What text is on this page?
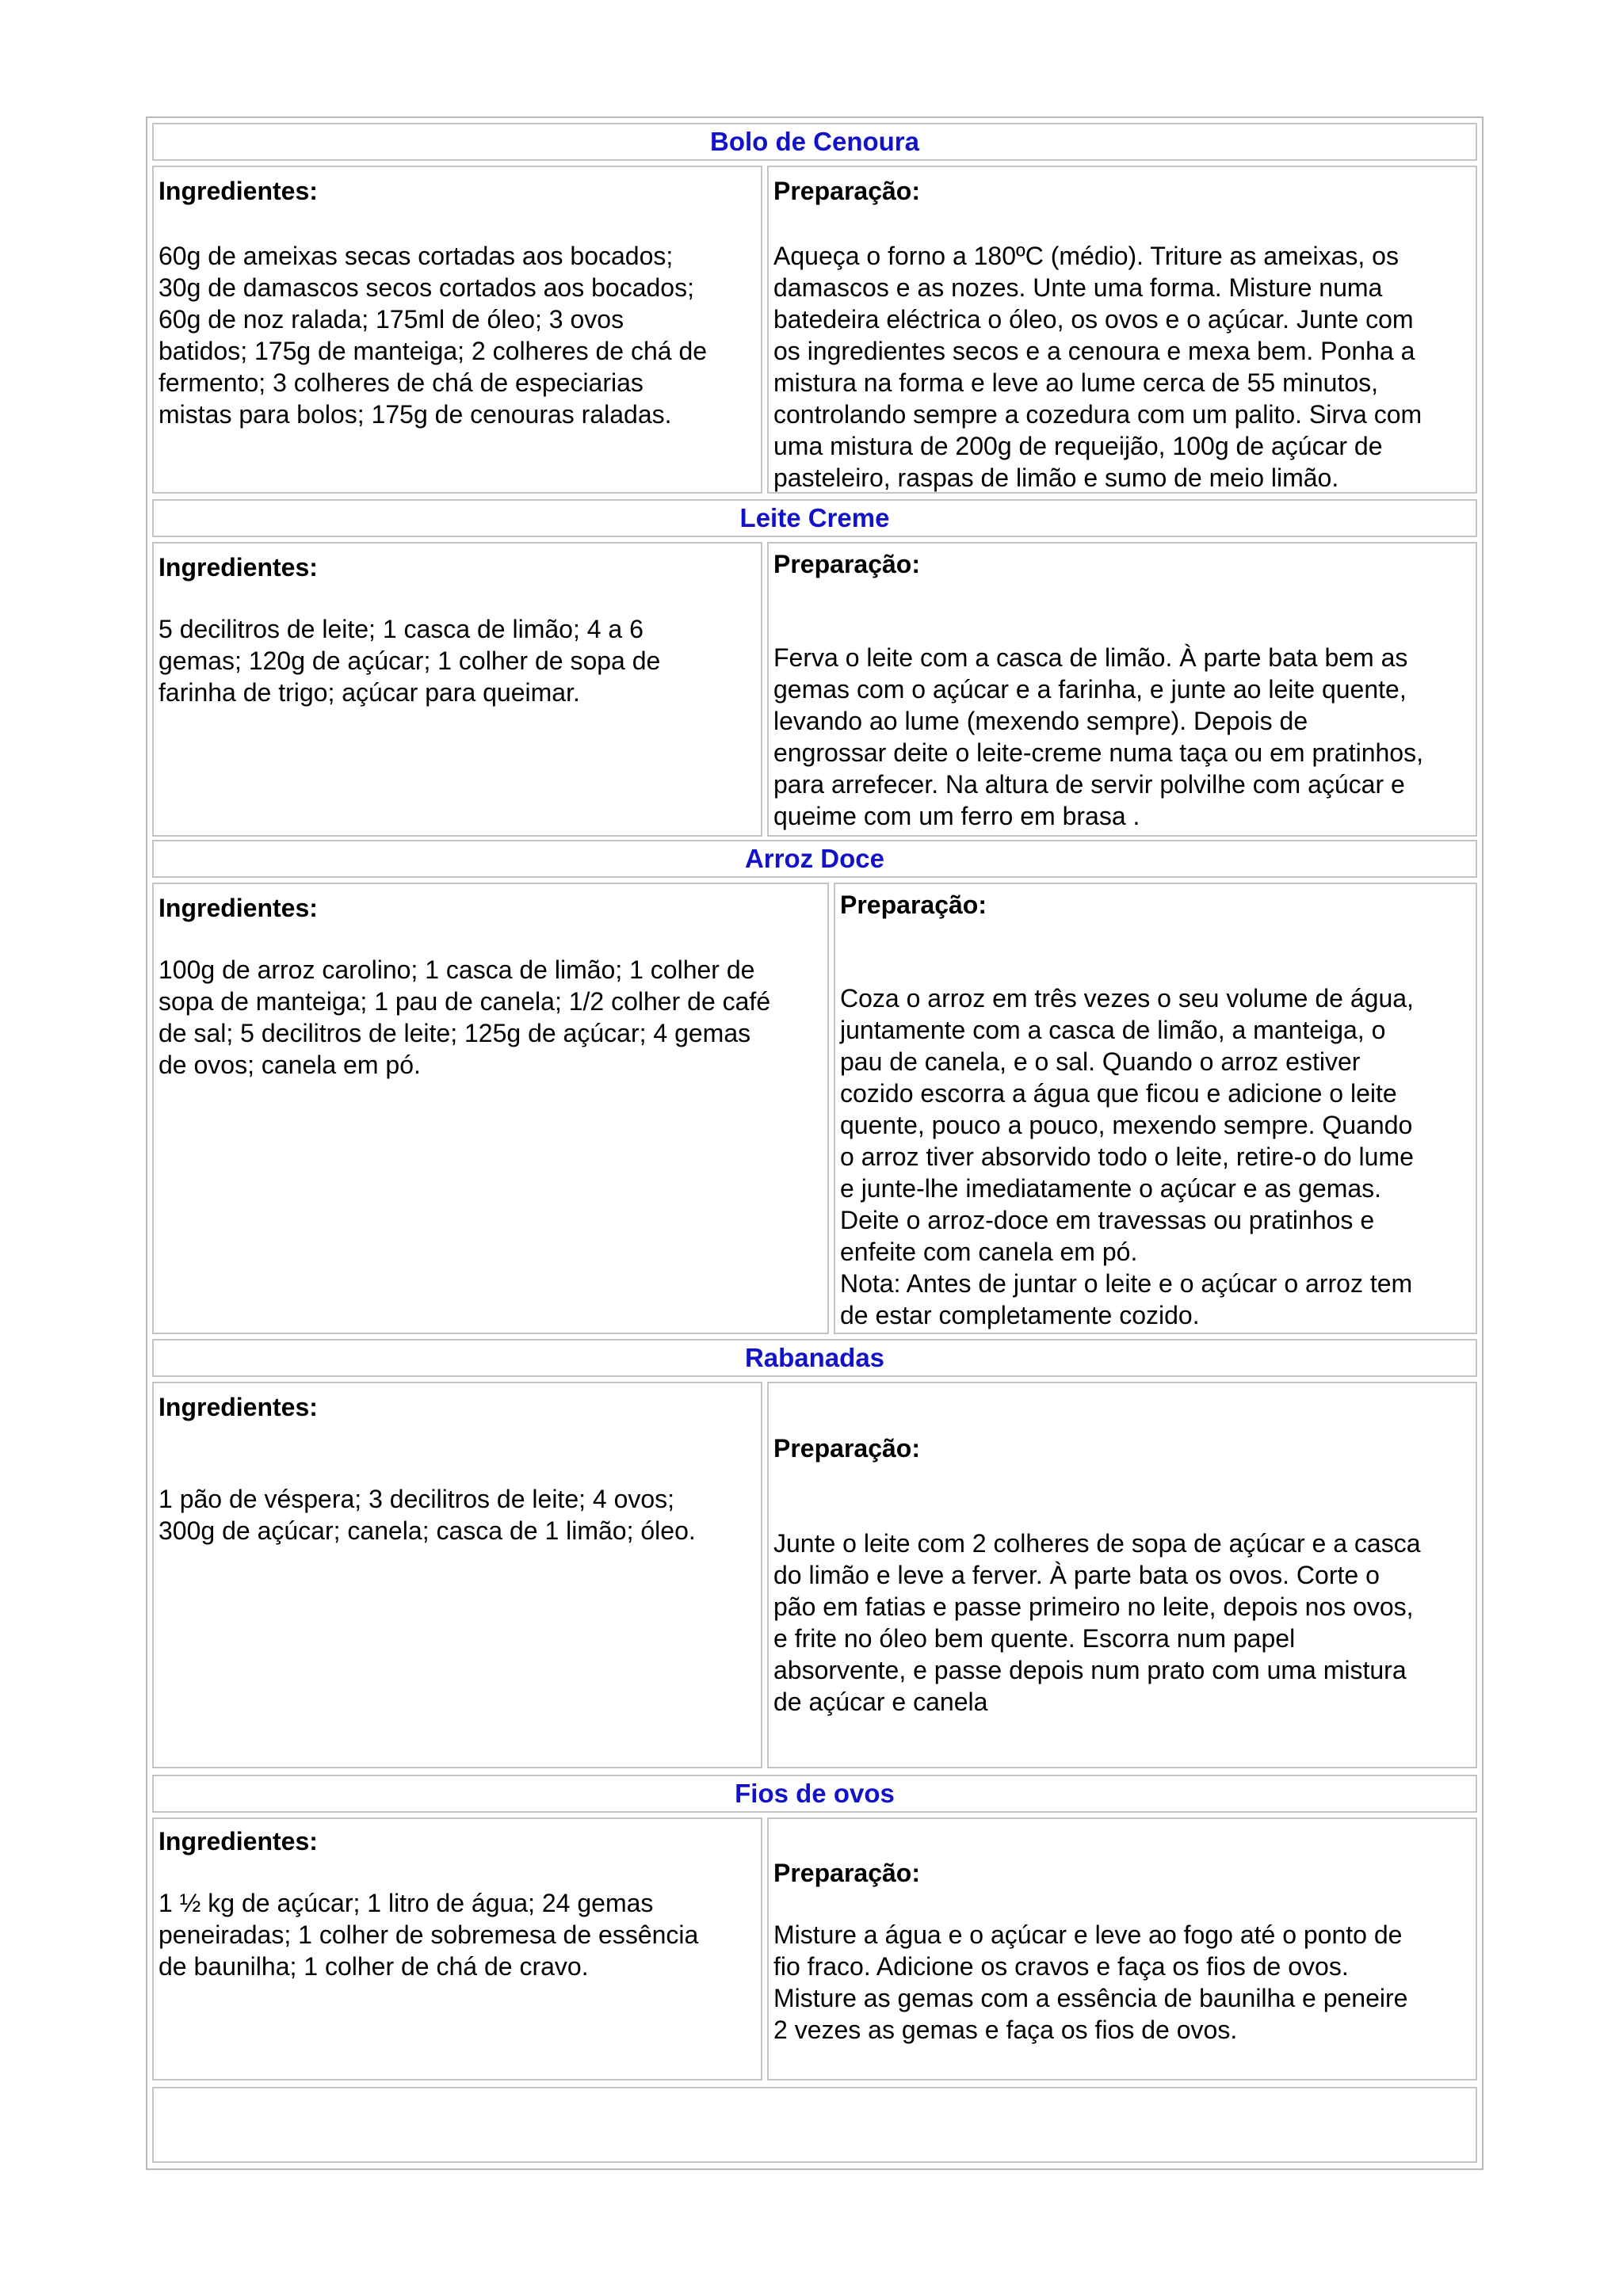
Bolo de Cenoura
Ingredientes:

60g de ameixas secas cortadas aos bocados;

30g de damascos secos cortados aos bocados;

60g de noz ralada; 175ml de óleo; 3 ovos

batidos; 175g de manteiga; 2 colheres de chá de

fermento; 3 colheres de chá de especiarias

mistas para bolos; 175g de cenouras raladas.

Preparação:

Aqueça o forno a 180ºC (médio). Triture as ameixas, os

damascos e as nozes. Unte uma forma. Misture numa

batedeira eléctrica o óleo, os ovos e o açúcar. Junte com

os ingredientes secos e a cenoura e mexa bem. Ponha a

mistura na forma e leve ao lume cerca de 55 minutos,

controlando sempre a cozedura com um palito. Sirva com

uma mistura de 200g de requeijão, 100g de açúcar de

pasteleiro, raspas de limão e sumo de meio limão.

Leite Creme
Ingredientes:

5 decilitros de leite; 1 casca de limão; 4 a 6

gemas; 120g de açúcar; 1 colher de sopa de

farinha de trigo; açúcar para queimar.

Preparação:

Ferva o leite com a casca de limão. À parte bata bem as

gemas com o açúcar e a farinha, e junte ao leite quente,

levando ao lume (mexendo sempre). Depois de

engrossar deite o leite-creme numa taça ou em pratinhos,

para arrefecer. Na altura de servir polvilhe com açúcar e

queime com um ferro em brasa .

Arroz Doce
Ingredientes:

100g de arroz carolino; 1 casca de limão; 1 colher de

sopa de manteiga; 1 pau de canela; 1/2 colher de café

de sal; 5 decilitros de leite; 125g de açúcar; 4 gemas

de ovos; canela em pó.

Preparação:

Coza o arroz em três vezes o seu volume de água,

juntamente com a casca de limão, a manteiga, o

pau de canela, e o sal. Quando o arroz estiver

cozido escorra a água que ficou e adicione o leite

quente, pouco a pouco, mexendo sempre. Quando

o arroz tiver absorvido todo o leite, retire-o do lume

e junte-lhe imediatamente o açúcar e as gemas.

Deite o arroz-doce em travessas ou pratinhos e

enfeite com canela em pó.

Nota: Antes de juntar o leite e o açúcar o arroz tem

de estar completamente cozido.

Rabanadas
Ingredientes:

1 pão de véspera; 3 decilitros de leite; 4 ovos;

300g de açúcar; canela; casca de 1 limão; óleo.

Preparação:

Junte o leite com 2 colheres de sopa de açúcar e a casca

do limão e leve a ferver. À parte bata os ovos. Corte o

pão em fatias e passe primeiro no leite, depois nos ovos,

e frite no óleo bem quente. Escorra num papel

absorvente, e passe depois num prato com uma mistura

de açúcar e canela

Fios de ovos
Ingredientes:

1 ½ kg de açúcar; 1 litro de água; 24 gemas

peneiradas; 1 colher de sobremesa de essência

de baunilha; 1 colher de chá de cravo.

Preparação:

Misture a água e o açúcar e leve ao fogo até o ponto de

fio fraco. Adicione os cravos e faça os fios de ovos.

Misture as gemas com a essência de baunilha e peneire

2 vezes as gemas e faça os fios de ovos.
